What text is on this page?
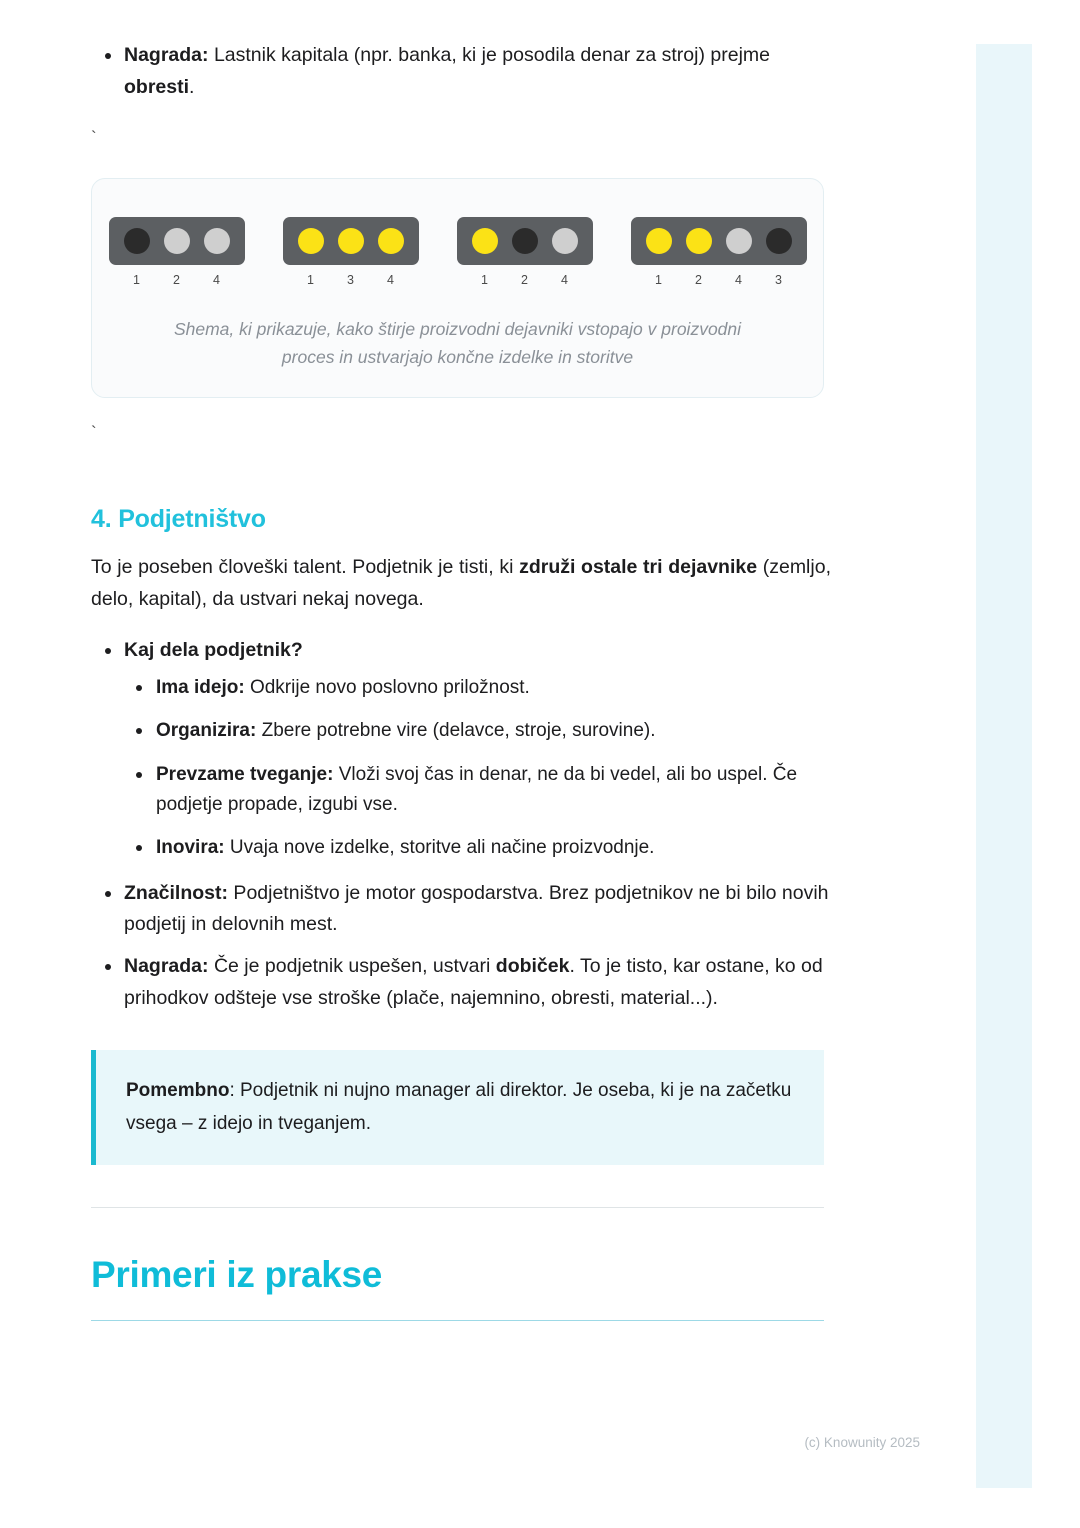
Nagrada: Lastnik kapitala (npr. banka, ki je posodila denar za stroj) prejme obresti.

`

1	2	4	1	3	4	1	2	4	1	2	4	3
Shema, ki prikazuje, kako štirje proizvodni dejavniki vstopajo v proizvodni proces in ustvarjajo končne izdelke in storitve

`

4. Podjetništvo

To je poseben človeški talent. Podjetnik je tisti, ki združi ostale tri dejavnike (zemljo, delo, kapital), da ustvari nekaj novega.

Kaj dela podjetnik?
Ima idejo: Odkrije novo poslovno priložnost.
Organizira: Zbere potrebne vire (delavce, stroje, surovine).
Prevzame tveganje: Vloži svoj čas in denar, ne da bi vedel, ali bo uspel. Če podjetje propade, izgubi vse.
Inovira: Uvaja nove izdelke, storitve ali načine proizvodnje.
Značilnost: Podjetništvo je motor gospodarstva. Brez podjetnikov ne bi bilo novih podjetij in delovnih mest.
Nagrada: Če je podjetnik uspešen, ustvari dobiček. To je tisto, kar ostane, ko od prihodkov odšteje vse stroške (plače, najemnino, obresti, material...).
Pomembno: Podjetnik ni nujno manager ali direktor. Je oseba, ki je na začetku vsega – z idejo in tveganjem.
Primeri iz prakse
(c) Knowunity 2025
